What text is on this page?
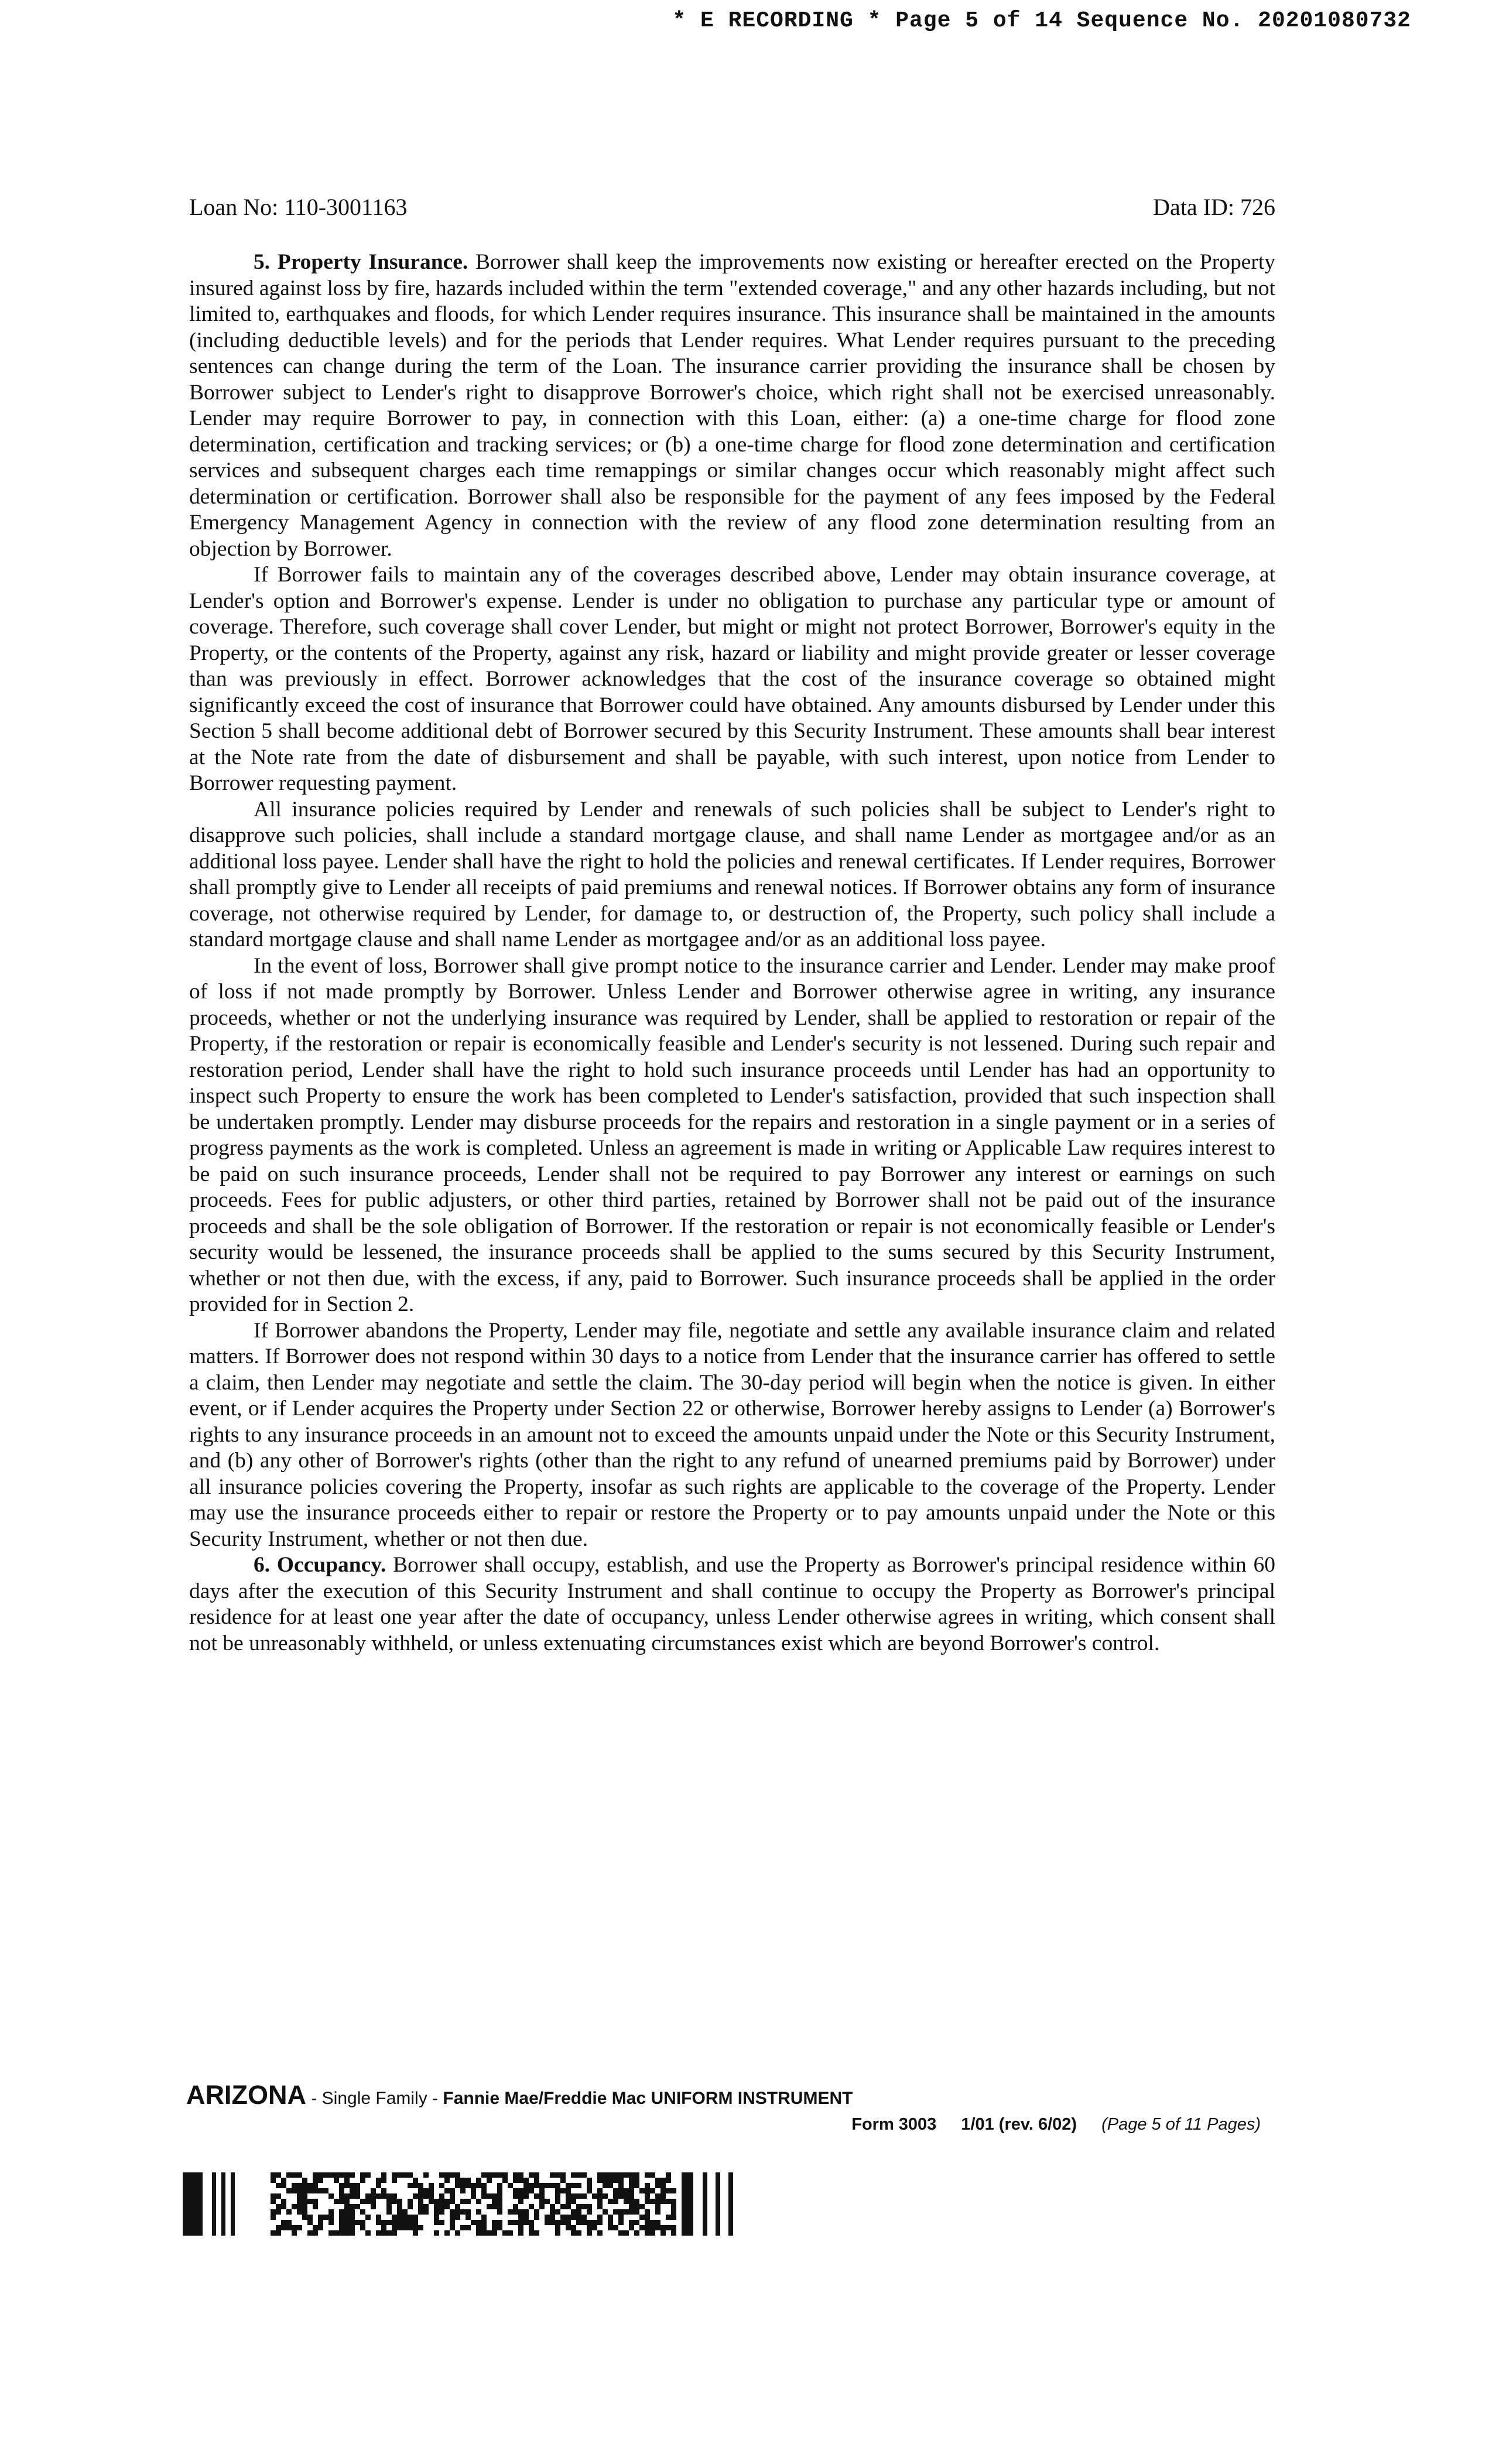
* E RECORDING * Page 5 of 14 Sequence No. 20201080732
Loan No: 110-3001163	Data ID: 726

5. Property Insurance. Borrower shall keep the improvements now existing or hereafter erected on the Property insured against loss by fire, hazards included within the term "extended coverage," and any other hazards including, but not limited to, earthquakes and floods, for which Lender requires insurance. This insurance shall be maintained in the amounts (including deductible levels) and for the periods that Lender requires. What Lender requires pursuant to the preceding sentences can change during the term of the Loan. The insurance carrier providing the insurance shall be chosen by Borrower subject to Lender's right to disapprove Borrower's choice, which right shall not be exercised unreasonably. Lender may require Borrower to pay, in connection with this Loan, either: (a) a one-time charge for flood zone determination, certification and tracking services; or (b) a one-time charge for flood zone determination and certification services and subsequent charges each time remappings or similar changes occur which reasonably might affect such determination or certification. Borrower shall also be responsible for the payment of any fees imposed by the Federal Emergency Management Agency in connection with the review of any flood zone determination resulting from an objection by Borrower.

If Borrower fails to maintain any of the coverages described above, Lender may obtain insurance coverage, at Lender's option and Borrower's expense. Lender is under no obligation to purchase any particular type or amount of coverage. Therefore, such coverage shall cover Lender, but might or might not protect Borrower, Borrower's equity in the Property, or the contents of the Property, against any risk, hazard or liability and might provide greater or lesser coverage than was previously in effect. Borrower acknowledges that the cost of the insurance coverage so obtained might significantly exceed the cost of insurance that Borrower could have obtained. Any amounts disbursed by Lender under this Section 5 shall become additional debt of Borrower secured by this Security Instrument. These amounts shall bear interest at the Note rate from the date of disbursement and shall be payable, with such interest, upon notice from Lender to Borrower requesting payment.

All insurance policies required by Lender and renewals of such policies shall be subject to Lender's right to disapprove such policies, shall include a standard mortgage clause, and shall name Lender as mortgagee and/or as an additional loss payee. Lender shall have the right to hold the policies and renewal certificates. If Lender requires, Borrower shall promptly give to Lender all receipts of paid premiums and renewal notices. If Borrower obtains any form of insurance coverage, not otherwise required by Lender, for damage to, or destruction of, the Property, such policy shall include a standard mortgage clause and shall name Lender as mortgagee and/or as an additional loss payee.

In the event of loss, Borrower shall give prompt notice to the insurance carrier and Lender. Lender may make proof of loss if not made promptly by Borrower. Unless Lender and Borrower otherwise agree in writing, any insurance proceeds, whether or not the underlying insurance was required by Lender, shall be applied to restoration or repair of the Property, if the restoration or repair is economically feasible and Lender's security is not lessened. During such repair and restoration period, Lender shall have the right to hold such insurance proceeds until Lender has had an opportunity to inspect such Property to ensure the work has been completed to Lender's satisfaction, provided that such inspection shall be undertaken promptly. Lender may disburse proceeds for the repairs and restoration in a single payment or in a series of progress payments as the work is completed. Unless an agreement is made in writing or Applicable Law requires interest to be paid on such insurance proceeds, Lender shall not be required to pay Borrower any interest or earnings on such proceeds. Fees for public adjusters, or other third parties, retained by Borrower shall not be paid out of the insurance proceeds and shall be the sole obligation of Borrower. If the restoration or repair is not economically feasible or Lender's security would be lessened, the insurance proceeds shall be applied to the sums secured by this Security Instrument, whether or not then due, with the excess, if any, paid to Borrower. Such insurance proceeds shall be applied in the order provided for in Section 2.

If Borrower abandons the Property, Lender may file, negotiate and settle any available insurance claim and related matters. If Borrower does not respond within 30 days to a notice from Lender that the insurance carrier has offered to settle a claim, then Lender may negotiate and settle the claim. The 30-day period will begin when the notice is given. In either event, or if Lender acquires the Property under Section 22 or otherwise, Borrower hereby assigns to Lender (a) Borrower's rights to any insurance proceeds in an amount not to exceed the amounts unpaid under the Note or this Security Instrument, and (b) any other of Borrower's rights (other than the right to any refund of unearned premiums paid by Borrower) under all insurance policies covering the Property, insofar as such rights are applicable to the coverage of the Property. Lender may use the insurance proceeds either to repair or restore the Property or to pay amounts unpaid under the Note or this Security Instrument, whether or not then due.

6. Occupancy. Borrower shall occupy, establish, and use the Property as Borrower's principal residence within 60 days after the execution of this Security Instrument and shall continue to occupy the Property as Borrower's principal residence for at least one year after the date of occupancy, unless Lender otherwise agrees in writing, which consent shall not be unreasonably withheld, or unless extenuating circumstances exist which are beyond Borrower's control.

ARIZONA - Single Family - Fannie Mae/Freddie Mac UNIFORM INSTRUMENT
Form 3003 1/01 (rev. 6/02) (Page 5 of 11 Pages)
